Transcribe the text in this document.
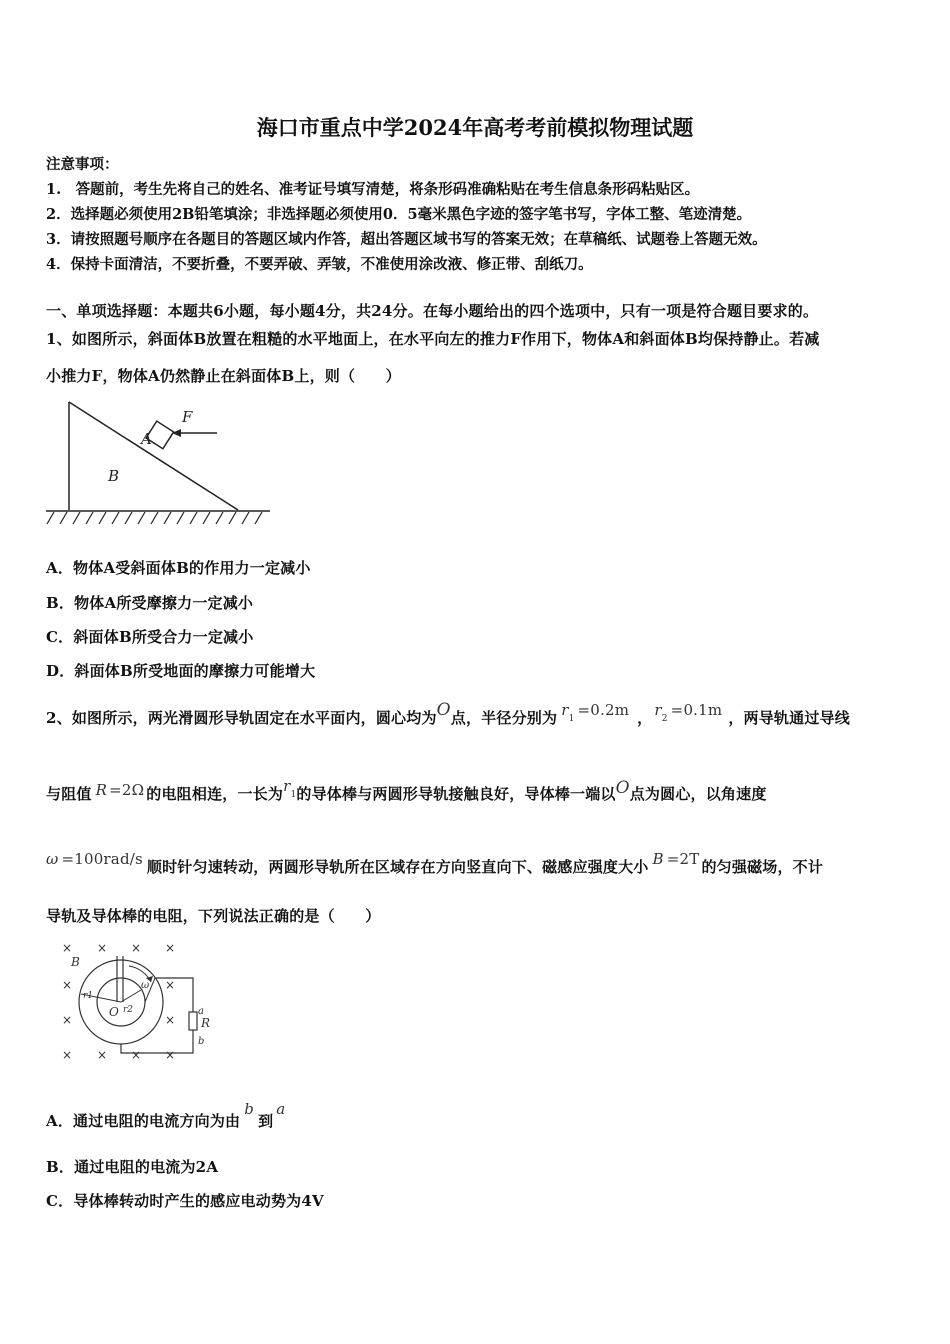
海口市重点中学2024年高考考前模拟物理试题
注意事项：
1.　答题前，考生先将自己的姓名、准考证号填写清楚，将条形码准确粘贴在考生信息条形码粘贴区。
2．选择题必须使用2B铅笔填涂；非选择题必须使用0．5毫米黑色字迹的签字笔书写，字体工整、笔迹清楚。
3．请按照题号顺序在各题目的答题区域内作答，超出答题区域书写的答案无效；在草稿纸、试题卷上答题无效。
4．保持卡面清洁，不要折叠，不要弄破、弄皱，不准使用涂改液、修正带、刮纸刀。
一、单项选择题：本题共6小题，每小题4分，共24分。在每小题给出的四个选项中，只有一项是符合题目要求的。
1、如图所示，斜面体B放置在粗糙的水平地面上，在水平向左的推力F作用下，物体A和斜面体B均保持静止。若减
小推力F，物体A仍然静止在斜面体B上，则（　　）
A
B
F
A．物体A受斜面体B的作用力一定减小
B．物体A所受摩擦力一定减小
C．斜面体B所受合力一定减小
D．斜面体B所受地面的摩擦力可能增大
2、如图所示，两光滑圆形导轨固定在水平面内，圆心均为O点，半径分别为 $r_1 =0.2m$ ， $r_2 =0.1m$ ，两导轨通过导线
与阻值 R =2Ω 的电阻相连，一长为$r_1$的导体棒与两圆形导轨接触良好，导体棒一端以O点为圆心，以角速度
ω =100rad/s 顺时针匀速转动，两圆形导轨所在区域存在方向竖直向下、磁感应强度大小 B =2T 的匀强磁场，不计
导轨及导体棒的电阻，下列说法正确的是（　　）
× × × ×
×
×
×
×
× × × ×
B
r1
r2
O
ω
a
R
b
A．通过电阻的电流方向为由b到a
B．通过电阻的电流为2A
C．导体棒转动时产生的感应电动势为4V
